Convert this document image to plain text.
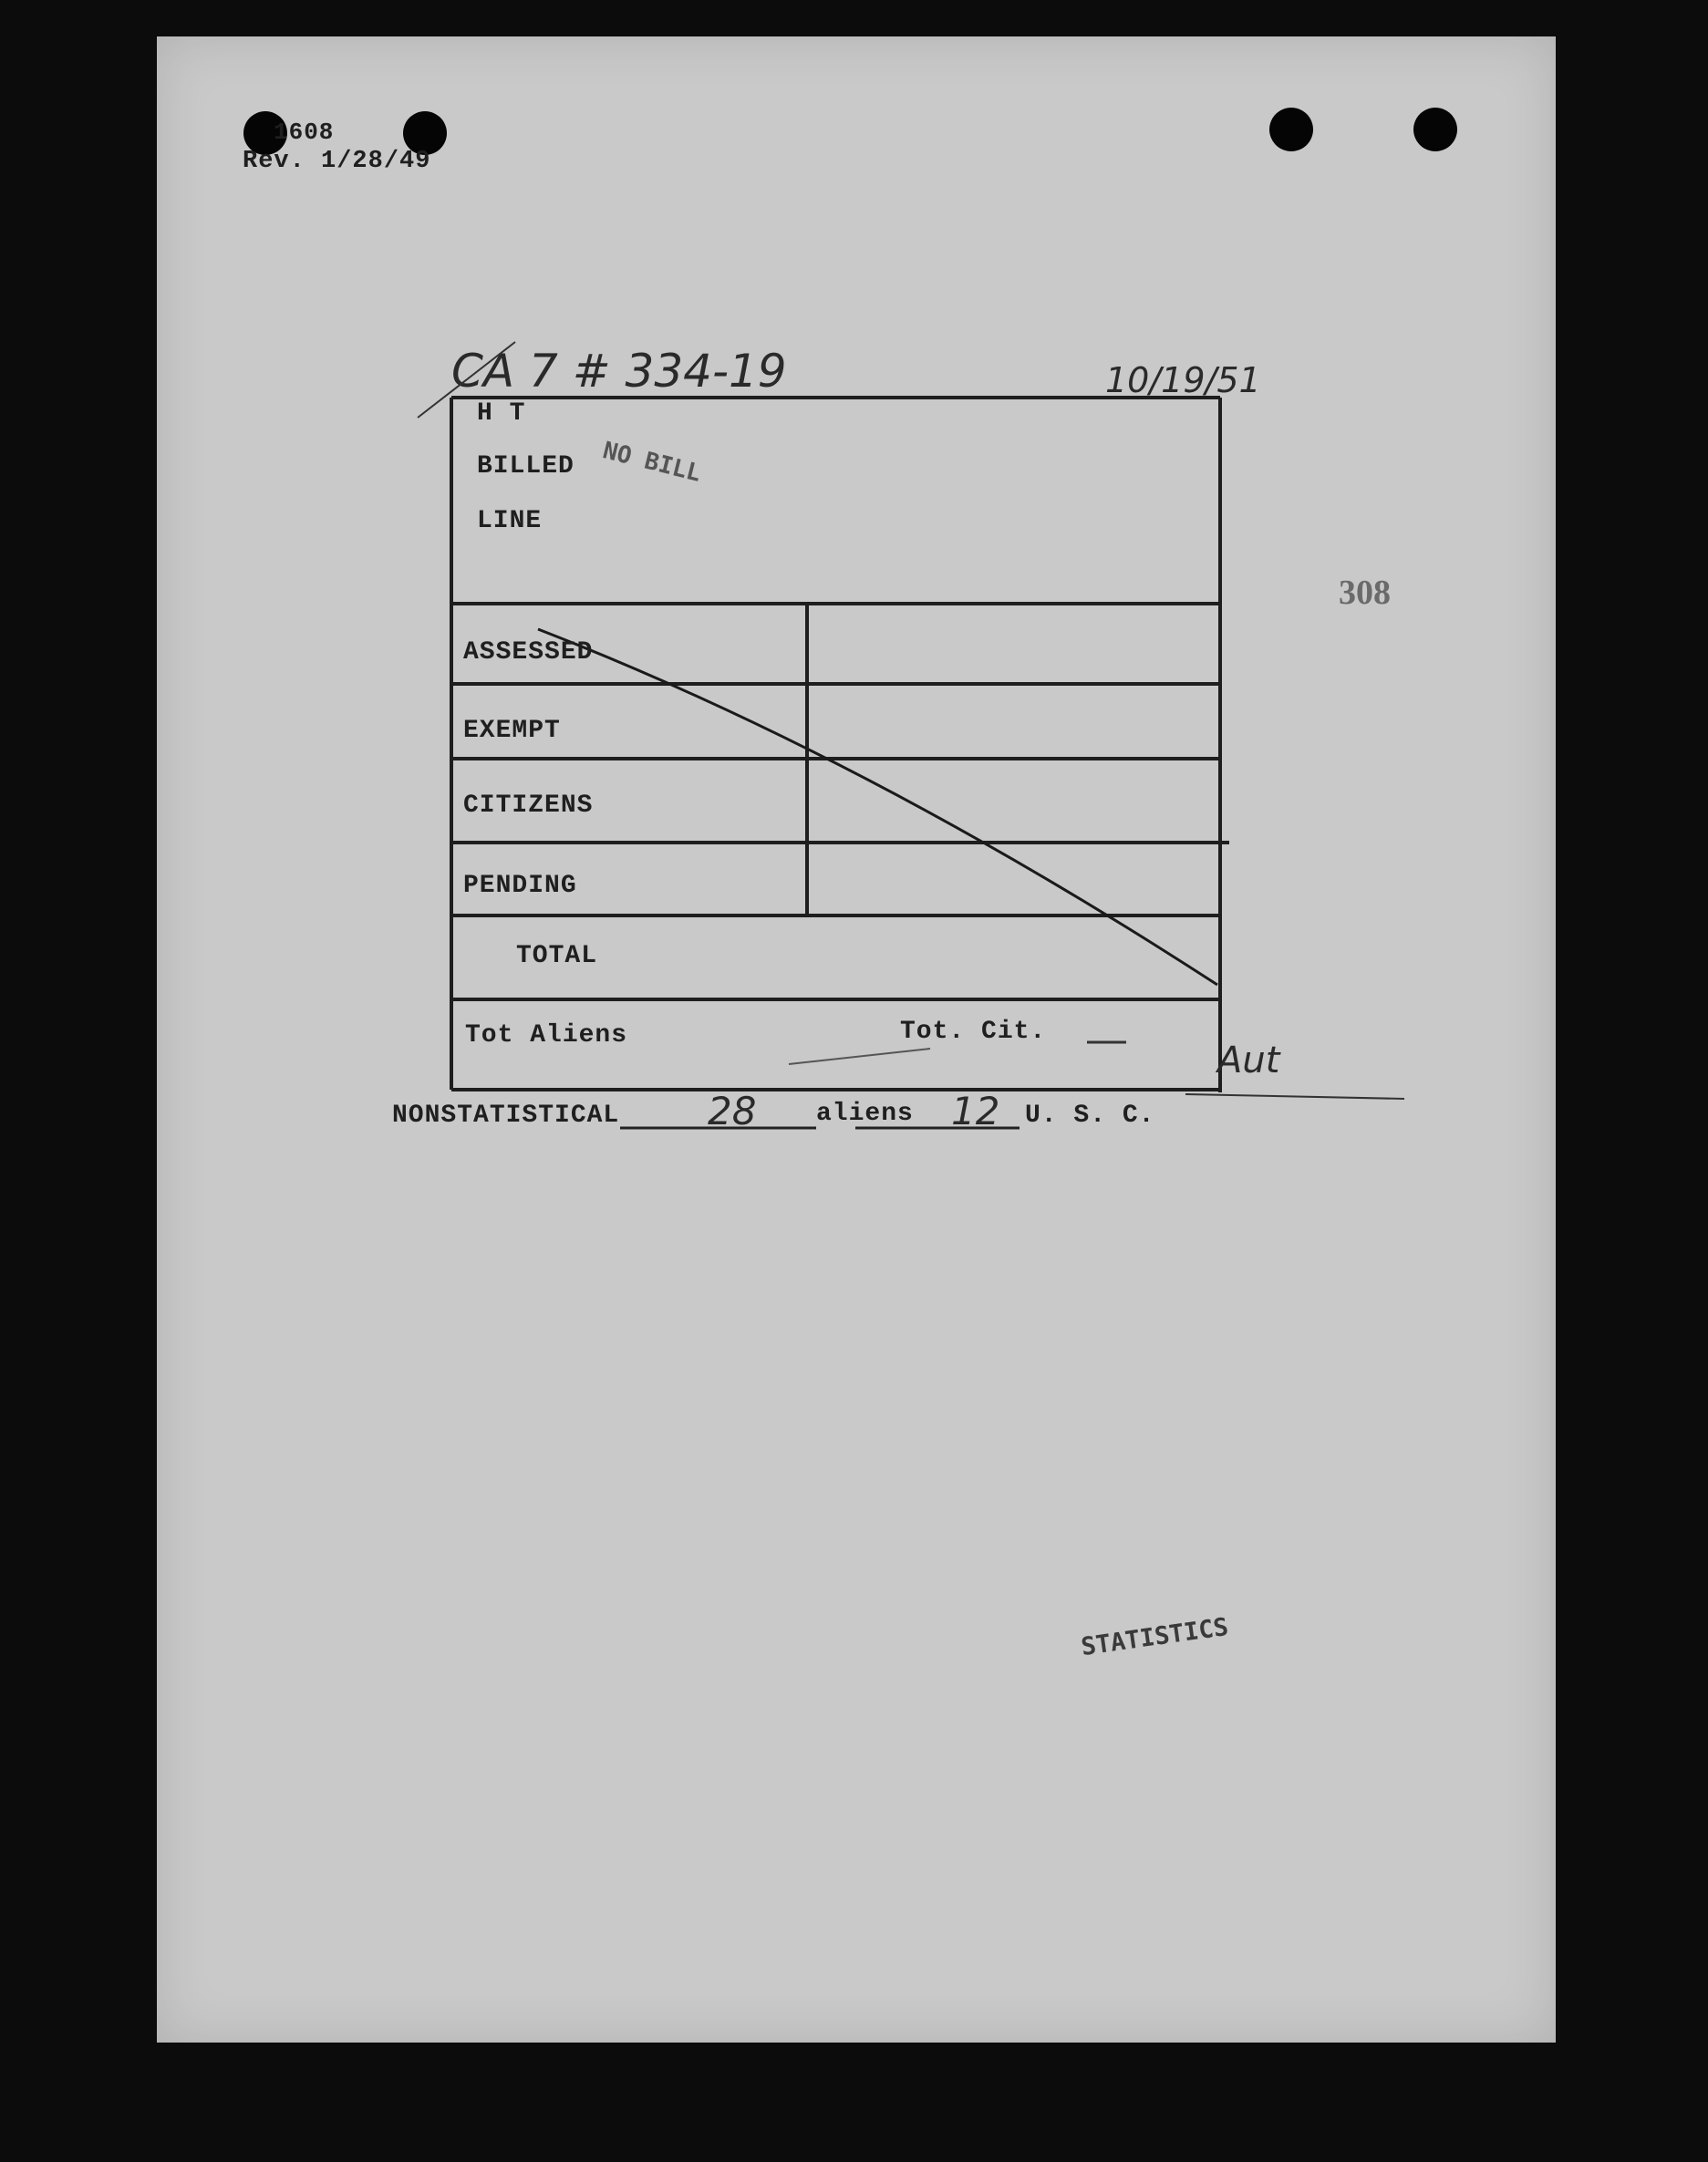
1608
Rev. 1/28/49
CA 7 # 334-19	10/19/51
308
H T
BILLED
LINE
NO BILL
ASSESSED
EXEMPT
CITIZENS
PENDING
TOTAL
Tot Aliens	Tot. Cit.
Aut
NONSTATISTICAL 28 aliens 12 U. S. C.
STATISTICS
